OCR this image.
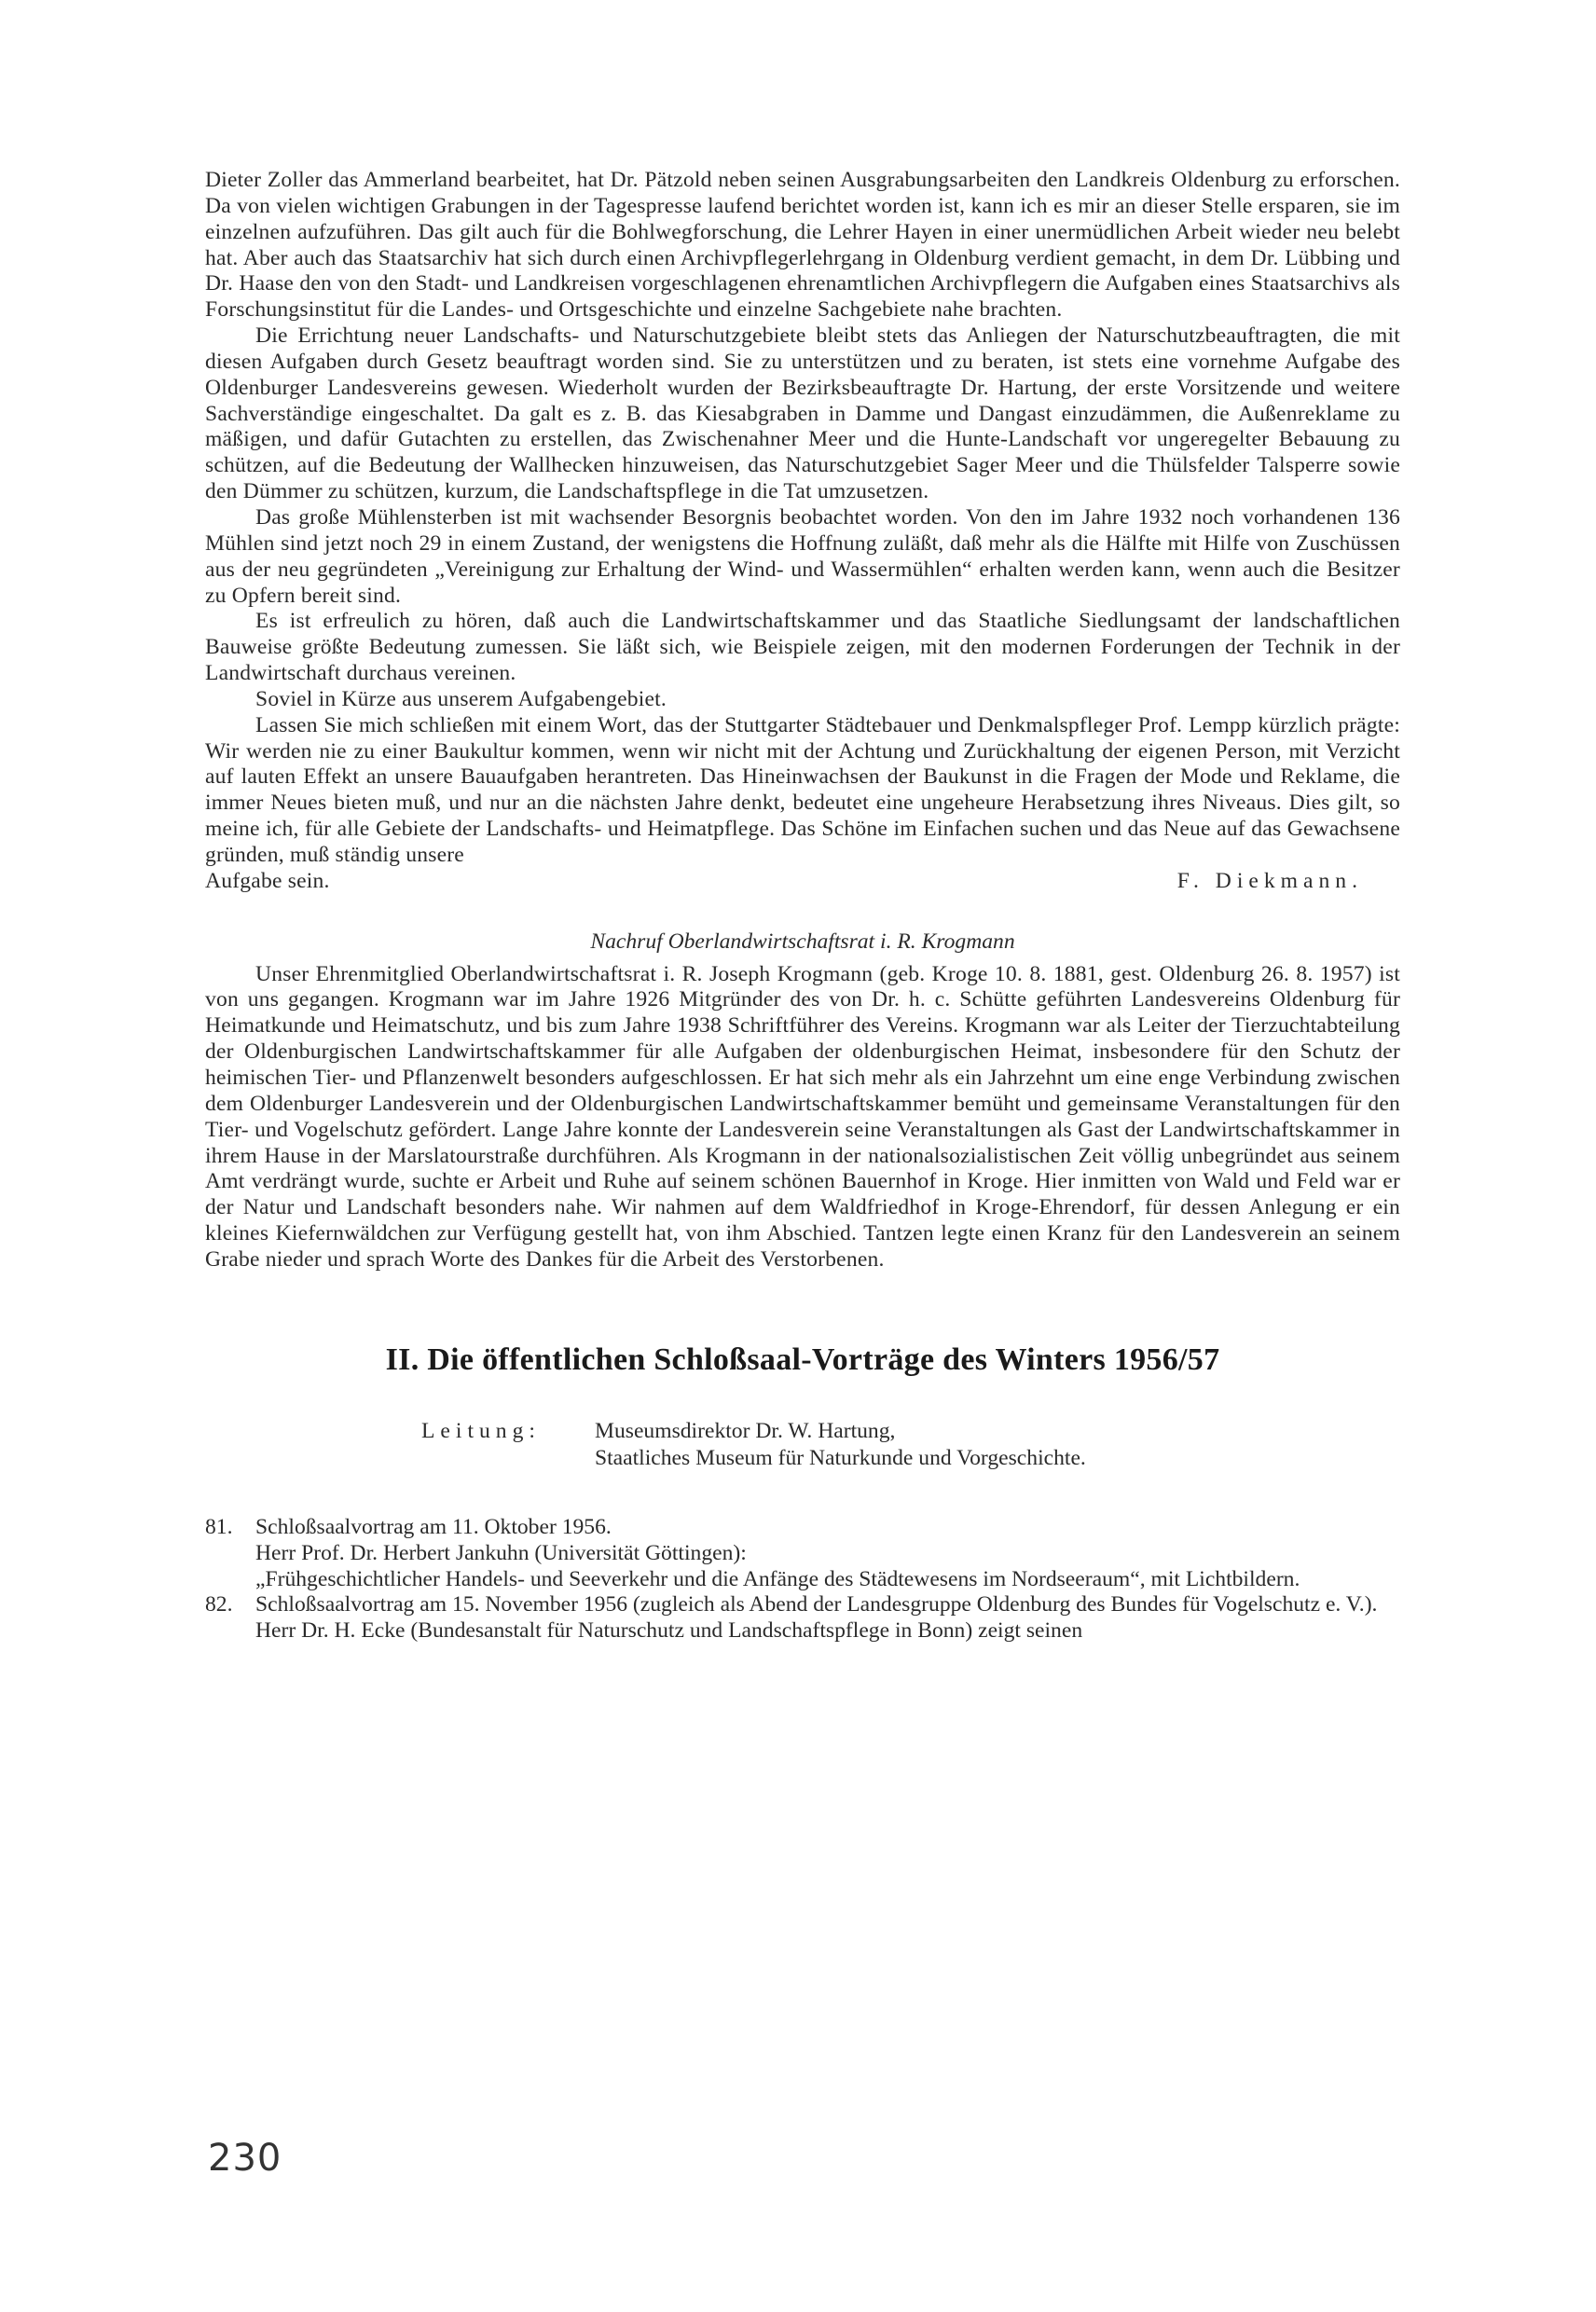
Dieter Zoller das Ammerland bearbeitet, hat Dr. Pätzold neben seinen Ausgrabungsarbeiten den Landkreis Oldenburg zu erforschen. Da von vielen wichtigen Grabungen in der Tagespresse laufend berichtet worden ist, kann ich es mir an dieser Stelle ersparen, sie im einzelnen aufzuführen. Das gilt auch für die Bohlwegforschung, die Lehrer Hayen in einer unermüdlichen Arbeit wieder neu belebt hat. Aber auch das Staatsarchiv hat sich durch einen Archivpflegerlehrgang in Oldenburg verdient gemacht, in dem Dr. Lübbing und Dr. Haase den von den Stadt- und Landkreisen vorgeschlagenen ehrenamtlichen Archivpflegern die Aufgaben eines Staatsarchivs als Forschungsinstitut für die Landes- und Ortsgeschichte und einzelne Sachgebiete nahe brachten.

Die Errichtung neuer Landschafts- und Naturschutzgebiete bleibt stets das Anliegen der Naturschutzbeauftragten, die mit diesen Aufgaben durch Gesetz beauftragt worden sind. Sie zu unterstützen und zu beraten, ist stets eine vornehme Aufgabe des Oldenburger Landesvereins gewesen. Wiederholt wurden der Bezirksbeauftragte Dr. Hartung, der erste Vorsitzende und weitere Sachverständige eingeschaltet. Da galt es z. B. das Kiesabgraben in Damme und Dangast einzudämmen, die Außenreklame zu mäßigen, und dafür Gutachten zu erstellen, das Zwischenahner Meer und die Hunte-Landschaft vor ungeregelter Bebauung zu schützen, auf die Bedeutung der Wallhecken hinzuweisen, das Naturschutzgebiet Sager Meer und die Thülsfelder Talsperre sowie den Dümmer zu schützen, kurzum, die Landschaftspflege in die Tat umzusetzen.

Das große Mühlensterben ist mit wachsender Besorgnis beobachtet worden. Von den im Jahre 1932 noch vorhandenen 136 Mühlen sind jetzt noch 29 in einem Zustand, der wenigstens die Hoffnung zuläßt, daß mehr als die Hälfte mit Hilfe von Zuschüssen aus der neu gegründeten „Vereinigung zur Erhaltung der Wind- und Wassermühlen“ erhalten werden kann, wenn auch die Besitzer zu Opfern bereit sind.

Es ist erfreulich zu hören, daß auch die Landwirtschaftskammer und das Staatliche Siedlungsamt der landschaftlichen Bauweise größte Bedeutung zumessen. Sie läßt sich, wie Beispiele zeigen, mit den modernen Forderungen der Technik in der Landwirtschaft durchaus vereinen.

Soviel in Kürze aus unserem Aufgabengebiet.

Lassen Sie mich schließen mit einem Wort, das der Stuttgarter Städtebauer und Denkmalspfleger Prof. Lempp kürzlich prägte: Wir werden nie zu einer Baukultur kommen, wenn wir nicht mit der Achtung und Zurückhaltung der eigenen Person, mit Verzicht auf lauten Effekt an unsere Bauaufgaben herantreten. Das Hineinwachsen der Baukunst in die Fragen der Mode und Reklame, die immer Neues bieten muß, und nur an die nächsten Jahre denkt, bedeutet eine ungeheure Herabsetzung ihres Niveaus. Dies gilt, so meine ich, für alle Gebiete der Landschafts- und Heimatpflege. Das Schöne im Einfachen suchen und das Neue auf das Gewachsene gründen, muß ständig unsere

Aufgabe sein.	F. Diekmann.

Nachruf Oberlandwirtschaftsrat i. R. Krogmann

Unser Ehrenmitglied Oberlandwirtschaftsrat i. R. Joseph Krogmann (geb. Kroge 10. 8. 1881, gest. Oldenburg 26. 8. 1957) ist von uns gegangen. Krogmann war im Jahre 1926 Mitgründer des von Dr. h. c. Schütte geführten Landesvereins Oldenburg für Heimatkunde und Heimatschutz, und bis zum Jahre 1938 Schriftführer des Vereins. Krogmann war als Leiter der Tierzuchtabteilung der Oldenburgischen Landwirtschaftskammer für alle Aufgaben der oldenburgischen Heimat, insbesondere für den Schutz der heimischen Tier- und Pflanzenwelt besonders aufgeschlossen. Er hat sich mehr als ein Jahrzehnt um eine enge Verbindung zwischen dem Oldenburger Landesverein und der Oldenburgischen Landwirtschaftskammer bemüht und gemeinsame Veranstaltungen für den Tier- und Vogelschutz gefördert. Lange Jahre konnte der Landesverein seine Veranstaltungen als Gast der Landwirtschaftskammer in ihrem Hause in der Marslatourstraße durchführen. Als Krogmann in der nationalsozialistischen Zeit völlig unbegründet aus seinem Amt verdrängt wurde, suchte er Arbeit und Ruhe auf seinem schönen Bauernhof in Kroge. Hier inmitten von Wald und Feld war er der Natur und Landschaft besonders nahe. Wir nahmen auf dem Waldfriedhof in Kroge-Ehrendorf, für dessen Anlegung er ein kleines Kiefernwäldchen zur Verfügung gestellt hat, von ihm Abschied. Tantzen legte einen Kranz für den Landesverein an seinem Grabe nieder und sprach Worte des Dankes für die Arbeit des Verstorbenen.

II. Die öffentlichen Schloßsaal-Vorträge des Winters 1956/57
Leitung:	Museumsdirektor Dr. W. Hartung,
Staatliches Museum für Naturkunde und Vorgeschichte.
81.	Schloßsaalvortrag am 11. Oktober 1956.
Herr Prof. Dr. Herbert Jankuhn (Universität Göttingen):
„Frühgeschichtlicher Handels- und Seeverkehr und die Anfänge des Städtewesens im Nordseeraum“, mit Lichtbildern.
82.	Schloßsaalvortrag am 15. November 1956 (zugleich als Abend der Landesgruppe Oldenburg des Bundes für Vogelschutz e. V.).
Herr Dr. H. Ecke (Bundesanstalt für Naturschutz und Landschaftspflege in Bonn) zeigt seinen
230
